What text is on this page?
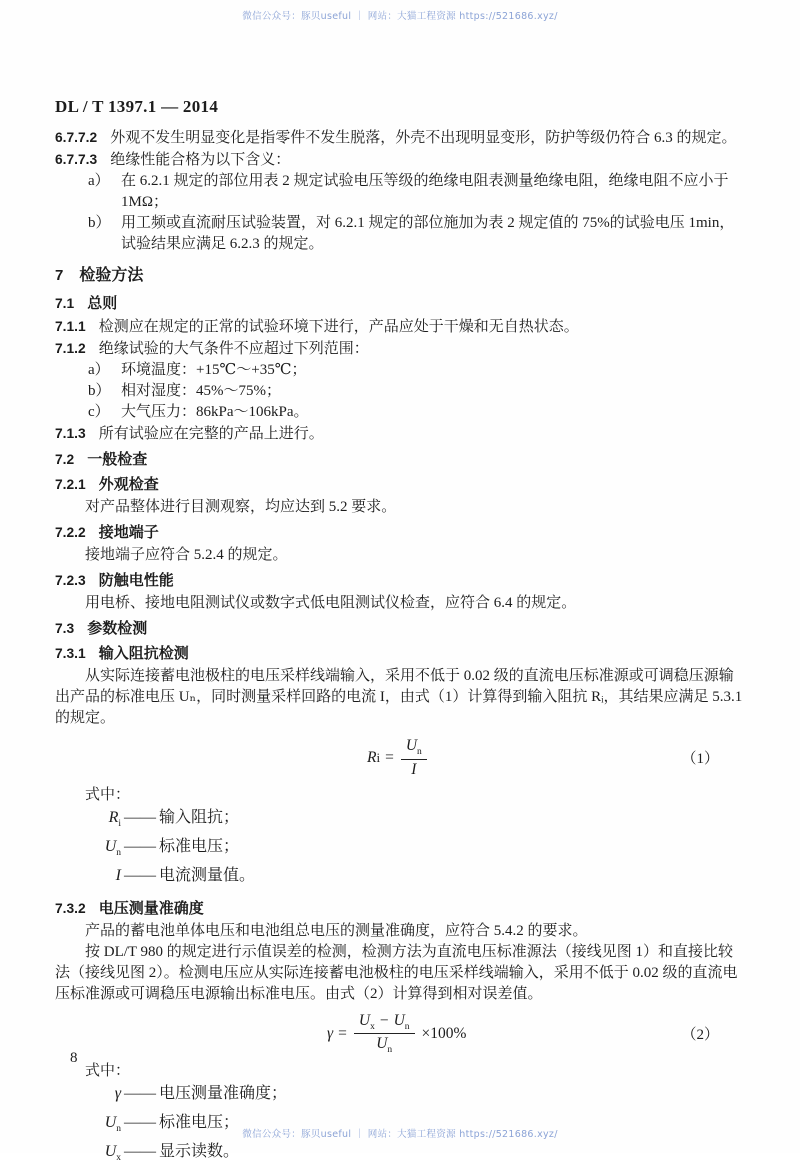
微信公众号：豚贝useful ｜ 网站：大猫工程资源 https://521686.xyz/
DL / T 1397.1 — 2014

6.7.7.2 外观不发生明显变化是指零件不发生脱落，外壳不出现明显变形，防护等级仍符合 6.3 的规定。

6.7.7.3 绝缘性能合格为以下含义：

a） 在 6.2.1 规定的部位用表 2 规定试验电压等级的绝缘电阻表测量绝缘电阻，绝缘电阻不应小于 1MΩ；

b） 用工频或直流耐压试验装置，对 6.2.1 规定的部位施加为表 2 规定值的 75%的试验电压 1min，试验结果应满足 6.2.3 的规定。

7 检验方法

7.1 总则

7.1.1 检测应在规定的正常的试验环境下进行，产品应处于干燥和无自热状态。

7.1.2 绝缘试验的大气条件不应超过下列范围：

a） 环境温度：+15℃～+35℃；

b） 相对湿度：45%～75%；

c） 大气压力：86kPa～106kPa。

7.1.3 所有试验应在完整的产品上进行。

7.2 一般检查

7.2.1 外观检查

对产品整体进行目测观察，均应达到 5.2 要求。

7.2.2 接地端子

接地端子应符合 5.2.4 的规定。

7.2.3 防触电性能

用电桥、接地电阻测试仪或数字式低电阻测试仪检查，应符合 6.4 的规定。

7.3 参数检测

7.3.1 输入阻抗检测

从实际连接蓄电池极柱的电压采样线端输入，采用不低于 0.02 级的直流电压标准源或可调稳压源输出产品的标准电压 Uₙ，同时测量采样回路的电流 I，由式（1）计算得到输入阻抗 Rᵢ，其结果应满足 5.3.1 的规定。

R $i = \frac{U_n}{I}$	（1）

式中：

$R_i$ —— 输入阻抗；
$U_n$ —— 标准电压；
I —— 电流测量值。

7.3.2 电压测量准确度

产品的蓄电池单体电压和电池组总电压的测量准确度，应符合 5.4.2 的要求。

按 DL/T 980 的规定进行示值误差的检测，检测方法为直流电压标准源法（接线见图 1）和直接比较法（接线见图 2）。检测电压应从实际连接蓄电池极柱的电压采样线端输入，采用不低于 0.02 级的直流电压标准源或可调稳压电源输出标准电压。由式（2）计算得到相对误差值。

$\gamma = \frac{U_x - U_n}{U_n} \times 100\%$	（2）

式中：

γ —— 电压测量准确度；
$U_n$ —— 标准电压；
$U_x$ —— 显示读数。
8
微信公众号：豚贝useful ｜ 网站：大猫工程资源 https://521686.xyz/
